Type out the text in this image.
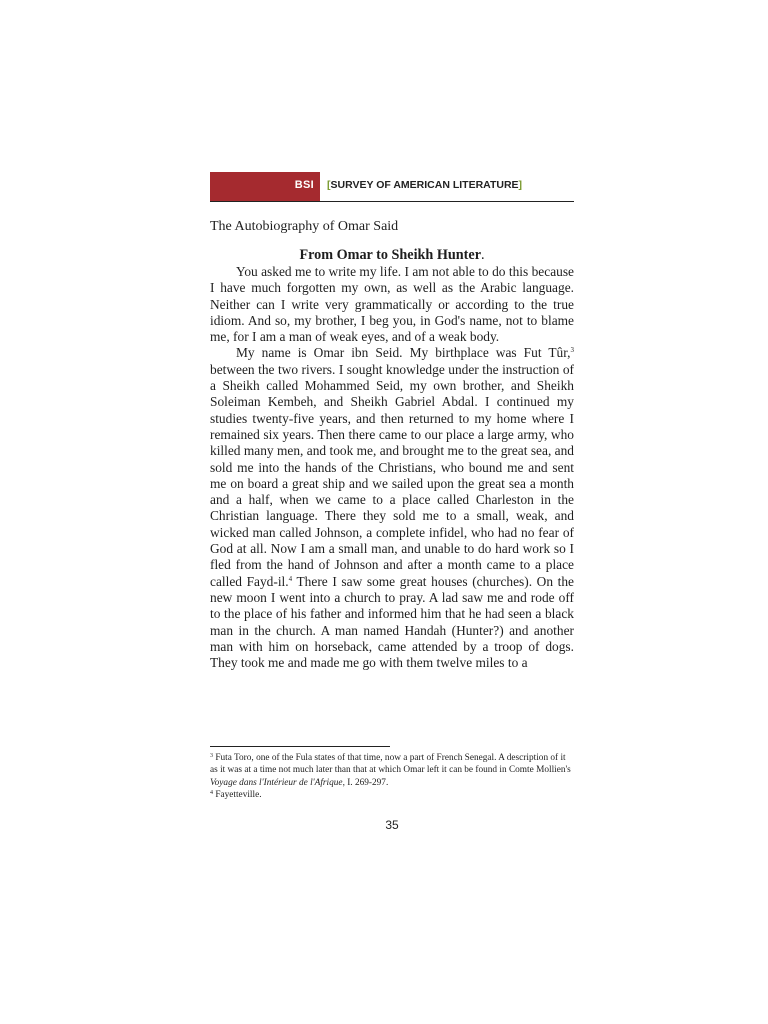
BSI [SURVEY OF AMERICAN LITERATURE]

The Autobiography of Omar Said

From Omar to Sheikh Hunter.

You asked me to write my life. I am not able to do this because I have much forgotten my own, as well as the Arabic language. Neither can I write very grammatically or according to the true idiom. And so, my brother, I beg you, in God's name, not to blame me, for I am a man of weak eyes, and of a weak body.

My name is Omar ibn Seid. My birthplace was Fut Tûr,$^3$ between the two rivers. I sought knowledge under the instruction of a Sheikh called Mohammed Seid, my own brother, and Sheikh Soleiman Kembeh, and Sheikh Gabriel Abdal. I continued my studies twenty-five years, and then returned to my home where I remained six years. Then there came to our place a large army, who killed many men, and took me, and brought me to the great sea, and sold me into the hands of the Christians, who bound me and sent me on board a great ship and we sailed upon the great sea a month and a half, when we came to a place called Charleston in the Christian language. There they sold me to a small, weak, and wicked man called Johnson, a complete infidel, who had no fear of God at all. Now I am a small man, and unable to do hard work so I fled from the hand of Johnson and after a month came to a place called Fayd-il.$^4$ There I saw some great houses (churches). On the new moon I went into a church to pray. A lad saw me and rode off to the place of his father and informed him that he had seen a black man in the church. A man named Handah (Hunter?) and another man with him on horseback, came attended by a troop of dogs. They took me and made me go with them twelve miles to a

$^3$ Futa Toro, one of the Fula states of that time, now a part of French Senegal. A description of it as it was at a time not much later than that at which Omar left it can be found in Comte Mollien's Voyage dans l'Intérieur de l'Afrique, I. 269-297.

$^4$ Fayetteville.

35
